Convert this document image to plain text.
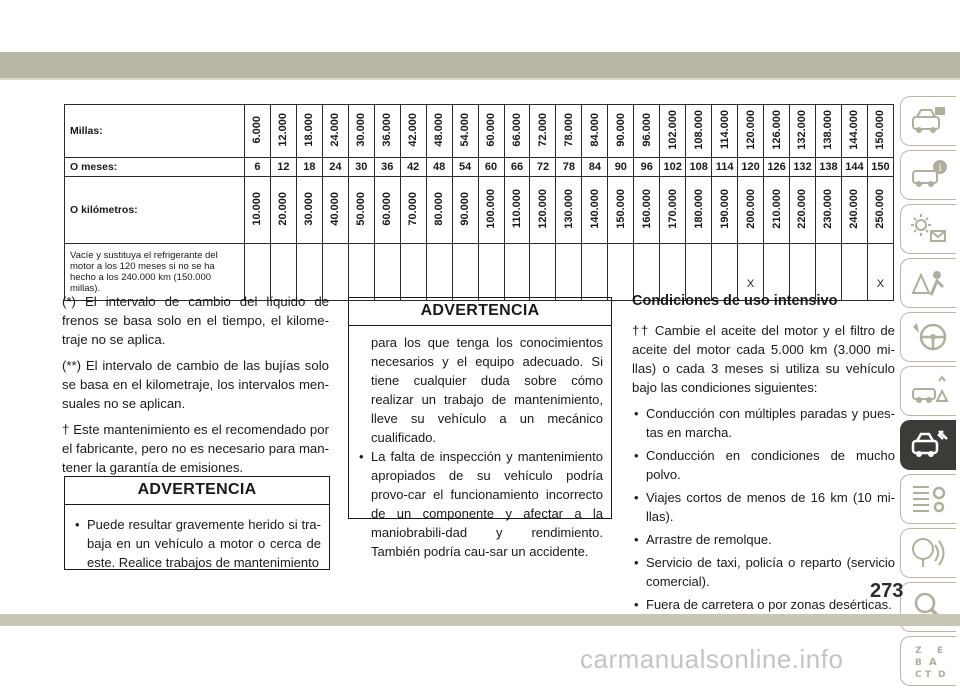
Millas:	6.000	12.000	18.000	24.000	30.000	36.000	42.000	48.000	54.000	60.000	66.000	72.000	78.000	84.000	90.000	96.000	102.000	108.000	114.000	120.000	126.000	132.000	138.000	144.000	150.000
O meses:	6	12	18	24	30	36	42	48	54	60	66	72	78	84	90	96	102	108	114	120	126	132	138	144	150
O kilómetros:	10.000	20.000	30.000	40.000	50.000	60.000	70.000	80.000	90.000	100.000	110.000	120.000	130.000	140.000	150.000	160.000	170.000	180.000	190.000	200.000	210.000	220.000	230.000	240.000	250.000
Vacíe y sustituya el refrigerante del motor a los 120 meses si no se ha hecho a los 240.000 km (150.000 millas).																				X					X

(*) El intervalo de cambio del líquido de frenos se basa solo en el tiempo, el kilome-traje no se aplica.

(**) El intervalo de cambio de las bujías solo se basa en el kilometraje, los intervalos men-suales no se aplican.

† Este mantenimiento es el recomendado por el fabricante, pero no es necesario para man-tener la garantía de emisiones.

ADVERTENCIA
• Puede resultar gravemente herido si tra-baja en un vehículo a motor o cerca de este. Realice trabajos de mantenimiento
ADVERTENCIA
para los que tenga los conocimientos necesarios y el equipo adecuado. Si tiene cualquier duda sobre cómo realizar un trabajo de mantenimiento, lleve su vehículo a un mecánico cualificado.
• La falta de inspección y mantenimiento apropiados de su vehículo podría provo-car el funcionamiento incorrecto de un componente y afectar a la maniobrabili-dad y rendimiento. También podría cau-sar un accidente.
Condiciones de uso intensivo

†† Cambie el aceite del motor y el filtro de aceite del motor cada 5.000 km (3.000 mi-llas) o cada 3 meses si utiliza su vehículo bajo las condiciones siguientes:

• Conducción con múltiples paradas y pues-tas en marcha.
• Conducción en condiciones de mucho polvo.
• Viajes cortos de menos de 16 km (10 mi-llas).
• Arrastre de remolque.
• Servicio de taxi, policía o reparto (servicio comercial).
• Fuera de carretera o por zonas desérticas.
i
Z E
B A
C T D
273
carmanualsonline.info
